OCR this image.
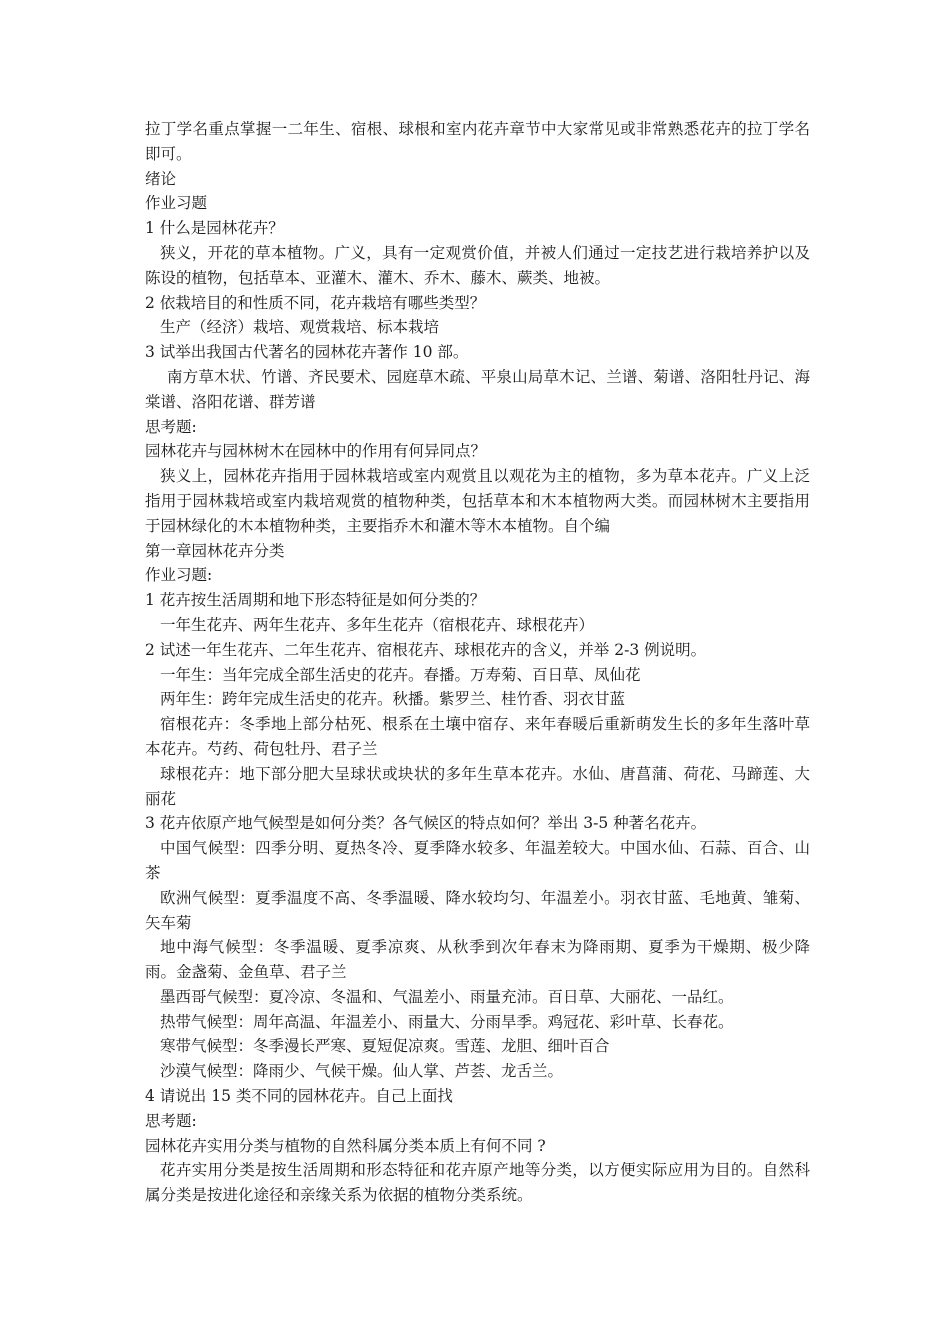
拉丁学名重点掌握一二年生、宿根、球根和室内花卉章节中大家常见或非常熟悉花卉的拉丁学名即可。

绪论

作业习题

1 什么是园林花卉？

狭义，开花的草本植物。广义，具有一定观赏价值，并被人们通过一定技艺进行栽培养护以及陈设的植物，包括草本、亚灌木、灌木、乔木、藤木、蕨类、地被。

2 依栽培目的和性质不同，花卉栽培有哪些类型？

生产（经济）栽培、观赏栽培、标本栽培

3 试举出我国古代著名的园林花卉著作 10 部。

南方草木状、竹谱、齐民要术、园庭草木疏、平泉山局草木记、兰谱、菊谱、洛阳牡丹记、海棠谱、洛阳花谱、群芳谱

思考题:

园林花卉与园林树木在园林中的作用有何异同点？

狭义上，园林花卉指用于园林栽培或室内观赏且以观花为主的植物，多为草本花卉。广义上泛指用于园林栽培或室内栽培观赏的植物种类，包括草本和木本植物两大类。而园林树木主要指用于园林绿化的木本植物种类，主要指乔木和灌木等木本植物。自个编

第一章园林花卉分类

作业习题:

1 花卉按生活周期和地下形态特征是如何分类的？

一年生花卉、两年生花卉、多年生花卉（宿根花卉、球根花卉）

2 试述一年生花卉、二年生花卉、宿根花卉、球根花卉的含义，并举 2-3 例说明。

一年生：当年完成全部生活史的花卉。春播。万寿菊、百日草、凤仙花

两年生：跨年完成生活史的花卉。秋播。紫罗兰、桂竹香、羽衣甘蓝

宿根花卉：冬季地上部分枯死、根系在土壤中宿存、来年春暖后重新萌发生长的多年生落叶草本花卉。芍药、荷包牡丹、君子兰

球根花卉：地下部分肥大呈球状或块状的多年生草本花卉。水仙、唐菖蒲、荷花、马蹄莲、大丽花

3 花卉依原产地气候型是如何分类？各气候区的特点如何？举出 3-5 种著名花卉。

中国气候型：四季分明、夏热冬冷、夏季降水较多、年温差较大。中国水仙、石蒜、百合、山茶

欧洲气候型：夏季温度不高、冬季温暖、降水较均匀、年温差小。羽衣甘蓝、毛地黄、雏菊、矢车菊

地中海气候型：冬季温暖、夏季凉爽、从秋季到次年春末为降雨期、夏季为干燥期、极少降雨。金盏菊、金鱼草、君子兰

墨西哥气候型：夏冷凉、冬温和、气温差小、雨量充沛。百日草、大丽花、一品红。

热带气候型：周年高温、年温差小、雨量大、分雨旱季。鸡冠花、彩叶草、长春花。

寒带气候型：冬季漫长严寒、夏短促凉爽。雪莲、龙胆、细叶百合

沙漠气候型：降雨少、气候干燥。仙人掌、芦荟、龙舌兰。

4 请说出 15 类不同的园林花卉。自己上面找

思考题:

园林花卉实用分类与植物的自然科属分类本质上有何不同 ?

花卉实用分类是按生活周期和形态特征和花卉原产地等分类，以方便实际应用为目的。自然科属分类是按进化途径和亲缘关系为依据的植物分类系统。
